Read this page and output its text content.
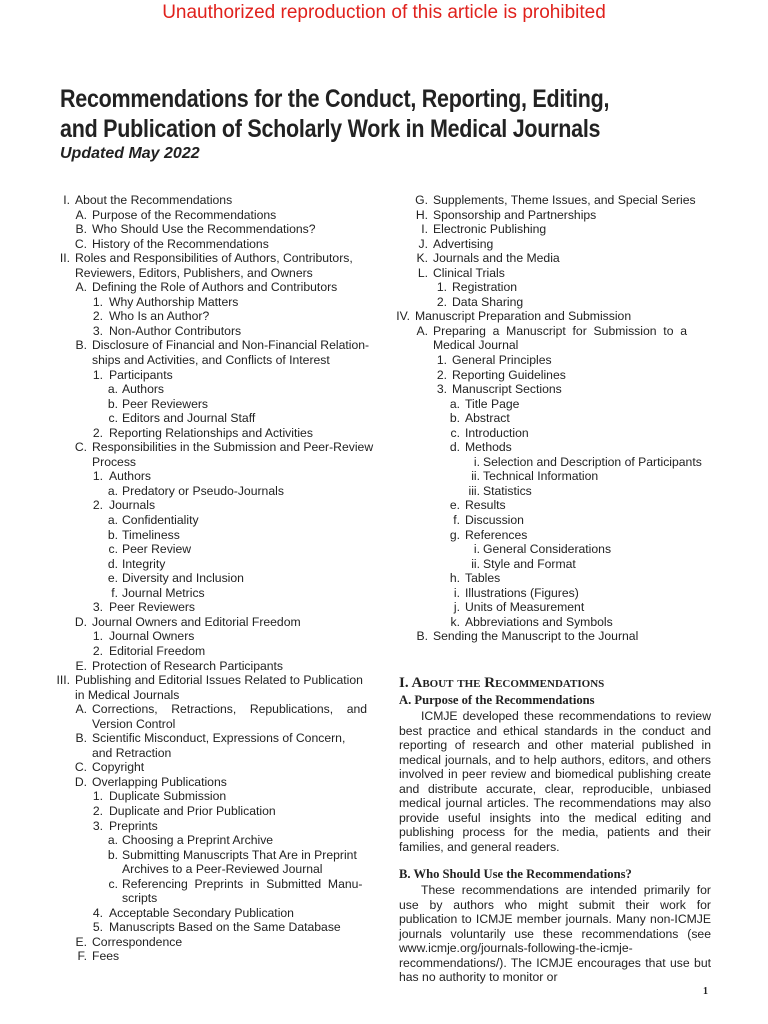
Unauthorized reproduction of this article is prohibited
Recommendations for the Conduct, Reporting, Editing, and Publication of Scholarly Work in Medical Journals
Updated May 2022
I. About the Recommendations
A. Purpose of the Recommendations
B. Who Should Use the Recommendations?
C. History of the Recommendations
II. Roles and Responsibilities of Authors, Contributors,
Reviewers, Editors, Publishers, and Owners
A. Defining the Role of Authors and Contributors
1. Why Authorship Matters
2. Who Is an Author?
3. Non-Author Contributors
B. Disclosure of Financial and Non-Financial Relation-
ships and Activities, and Conflicts of Interest
1. Participants
a. Authors
b. Peer Reviewers
c. Editors and Journal Staff
2. Reporting Relationships and Activities
C. Responsibilities in the Submission and Peer-Review
Process
1. Authors
a. Predatory or Pseudo-Journals
2. Journals
a. Confidentiality
b. Timeliness
c. Peer Review
d. Integrity
e. Diversity and Inclusion
f. Journal Metrics
3. Peer Reviewers
D. Journal Owners and Editorial Freedom
1. Journal Owners
2. Editorial Freedom
E. Protection of Research Participants
III. Publishing and Editorial Issues Related to Publication
in Medical Journals
A. Corrections,    Retractions,    Republications,    and
Version Control
B. Scientific Misconduct, Expressions of Concern,
and Retraction
C. Copyright
D. Overlapping Publications
1. Duplicate Submission
2. Duplicate and Prior Publication
3. Preprints
a. Choosing a Preprint Archive
b. Submitting Manuscripts That Are in Preprint
Archives to a Peer-Reviewed Journal
c. Referencing  Preprints  in  Submitted  Manu-
scripts
4. Acceptable Secondary Publication
5. Manuscripts Based on the Same Database
E. Correspondence
F. Fees
G. Supplements, Theme Issues, and Special Series
H. Sponsorship and Partnerships
I. Electronic Publishing
J. Advertising
K. Journals and the Media
L. Clinical Trials
1. Registration
2. Data Sharing
IV. Manuscript Preparation and Submission
A. Preparing  a  Manuscript  for  Submission  to  a
Medical Journal
1. General Principles
2. Reporting Guidelines
3. Manuscript Sections
a. Title Page
b. Abstract
c. Introduction
d. Methods
i. Selection and Description of Participants
ii. Technical Information
iii. Statistics
e. Results
f. Discussion
g. References
i. General Considerations
ii. Style and Format
h. Tables
i. Illustrations (Figures)
j. Units of Measurement
k. Abbreviations and Symbols
B. Sending the Manuscript to the Journal
I. About the Recommendations
A. Purpose of the Recommendations

ICMJE developed these recommendations to review best practice and ethical standards in the conduct and reporting of research and other material published in medical journals, and to help authors, editors, and others involved in peer review and biomedical publishing create and distribute accurate, clear, reproducible, unbiased medical journal articles. The recommendations may also provide useful insights into the medical editing and publishing process for the media, patients and their families, and general readers.

B. Who Should Use the Recommendations?

These recommendations are intended primarily for use by authors who might submit their work for publication to ICMJE member journals. Many non-ICMJE journals voluntarily use these recommendations (see www.icmje.org/journals-following-the-icmje-recommendations/). The ICMJE encourages that use but has no authority to monitor or

1
